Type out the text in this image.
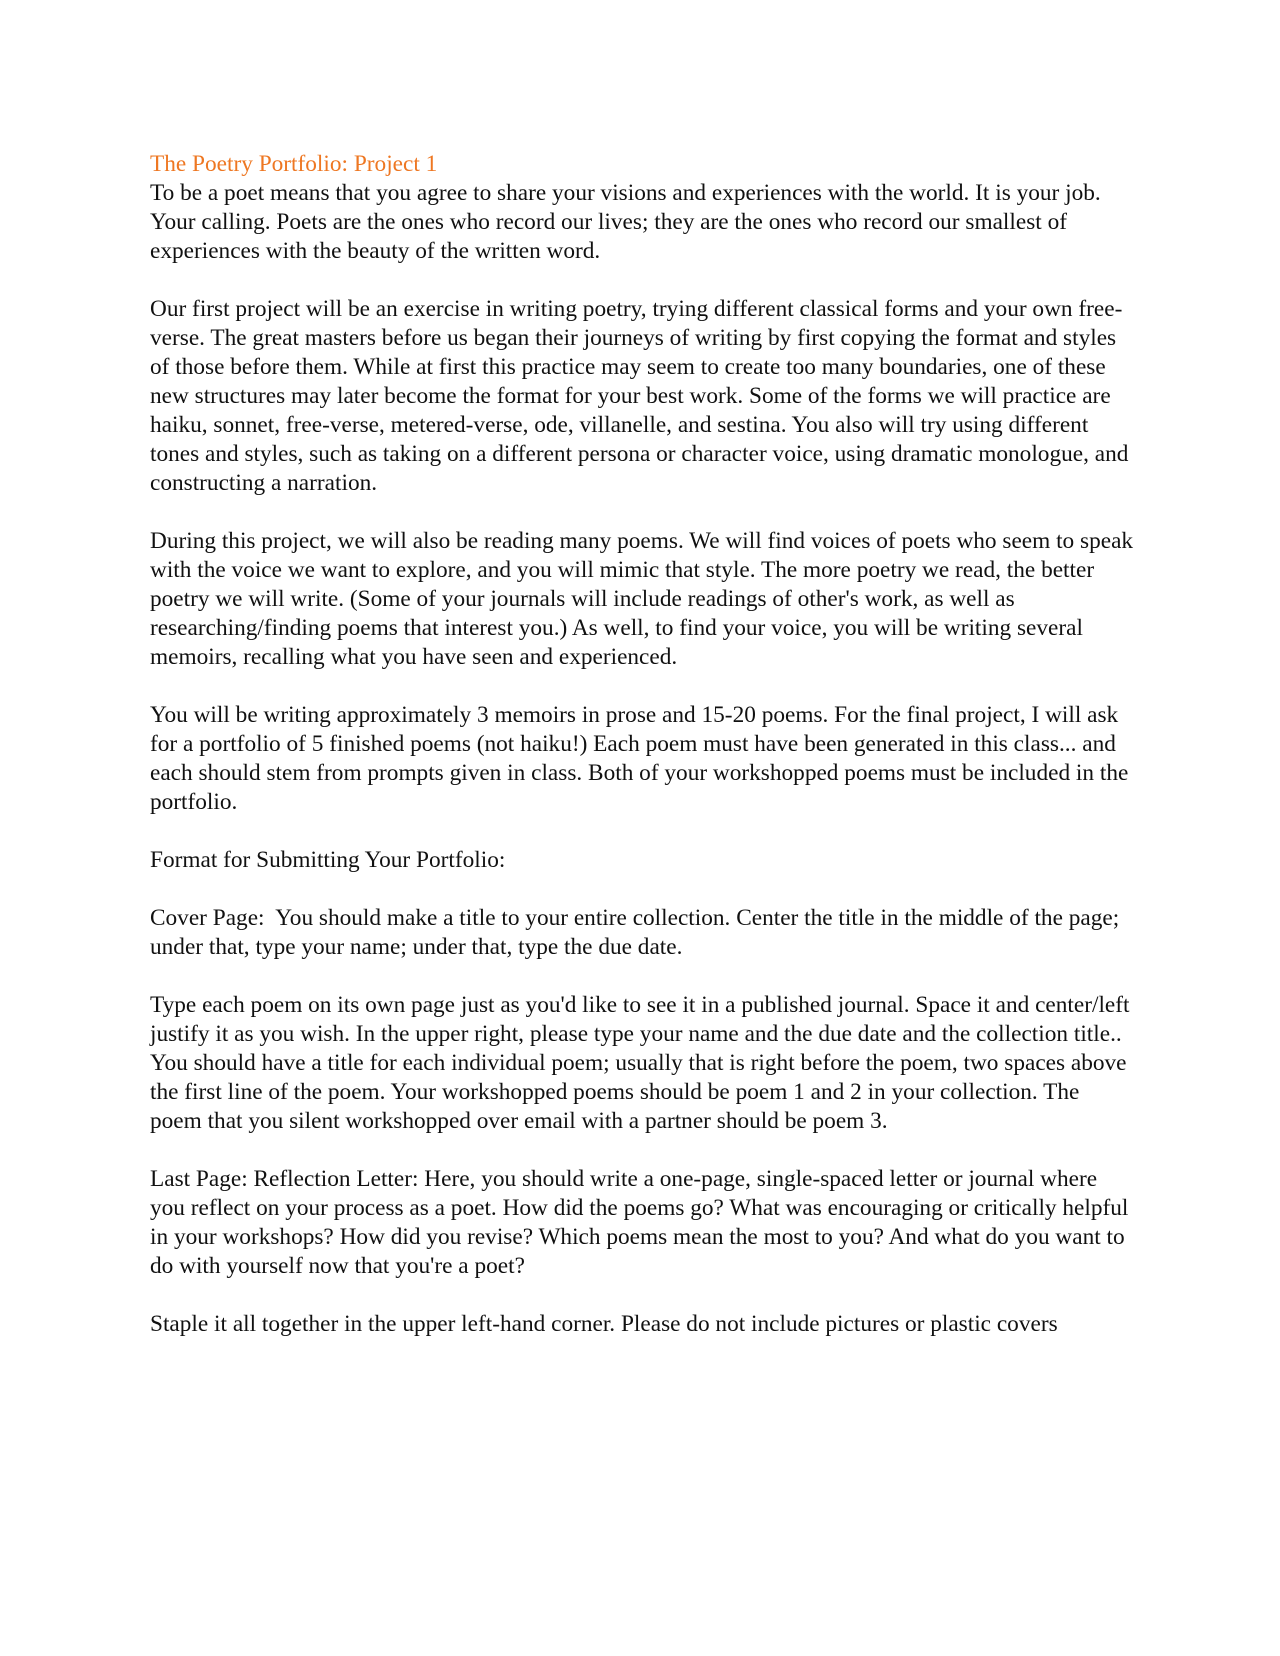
The Poetry Portfolio: Project 1

To be a poet means that you agree to share your visions and experiences with the world. It is your job. Your calling. Poets are the ones who record our lives; they are the ones who record our smallest of experiences with the beauty of the written word.

Our first project will be an exercise in writing poetry, trying different classical forms and your own free-verse. The great masters before us began their journeys of writing by first copying the format and styles of those before them. While at first this practice may seem to create too many boundaries, one of these new structures may later become the format for your best work. Some of the forms we will practice are haiku, sonnet, free-verse, metered-verse, ode, villanelle, and sestina. You also will try using different tones and styles, such as taking on a different persona or character voice, using dramatic monologue, and constructing a narration.

During this project, we will also be reading many poems. We will find voices of poets who seem to speak with the voice we want to explore, and you will mimic that style. The more poetry we read, the better poetry we will write. (Some of your journals will include readings of other's work, as well as researching/finding poems that interest you.) As well, to find your voice, you will be writing several memoirs, recalling what you have seen and experienced.

You will be writing approximately 3 memoirs in prose and 15-20 poems. For the final project, I will ask for a portfolio of 5 finished poems (not haiku!) Each poem must have been generated in this class... and each should stem from prompts given in class. Both of your workshopped poems must be included in the portfolio.

Format for Submitting Your Portfolio:

Cover Page:  You should make a title to your entire collection. Center the title in the middle of the page; under that, type your name; under that, type the due date.

Type each poem on its own page just as you'd like to see it in a published journal. Space it and center/left justify it as you wish. In the upper right, please type your name and the due date and the collection title.. You should have a title for each individual poem; usually that is right before the poem, two spaces above the first line of the poem. Your workshopped poems should be poem 1 and 2 in your collection. The poem that you silent workshopped over email with a partner should be poem 3.

Last Page: Reflection Letter: Here, you should write a one-page, single-spaced letter or journal where you reflect on your process as a poet. How did the poems go? What was encouraging or critically helpful in your workshops? How did you revise? Which poems mean the most to you? And what do you want to do with yourself now that you're a poet?

Staple it all together in the upper left-hand corner. Please do not include pictures or plastic covers
